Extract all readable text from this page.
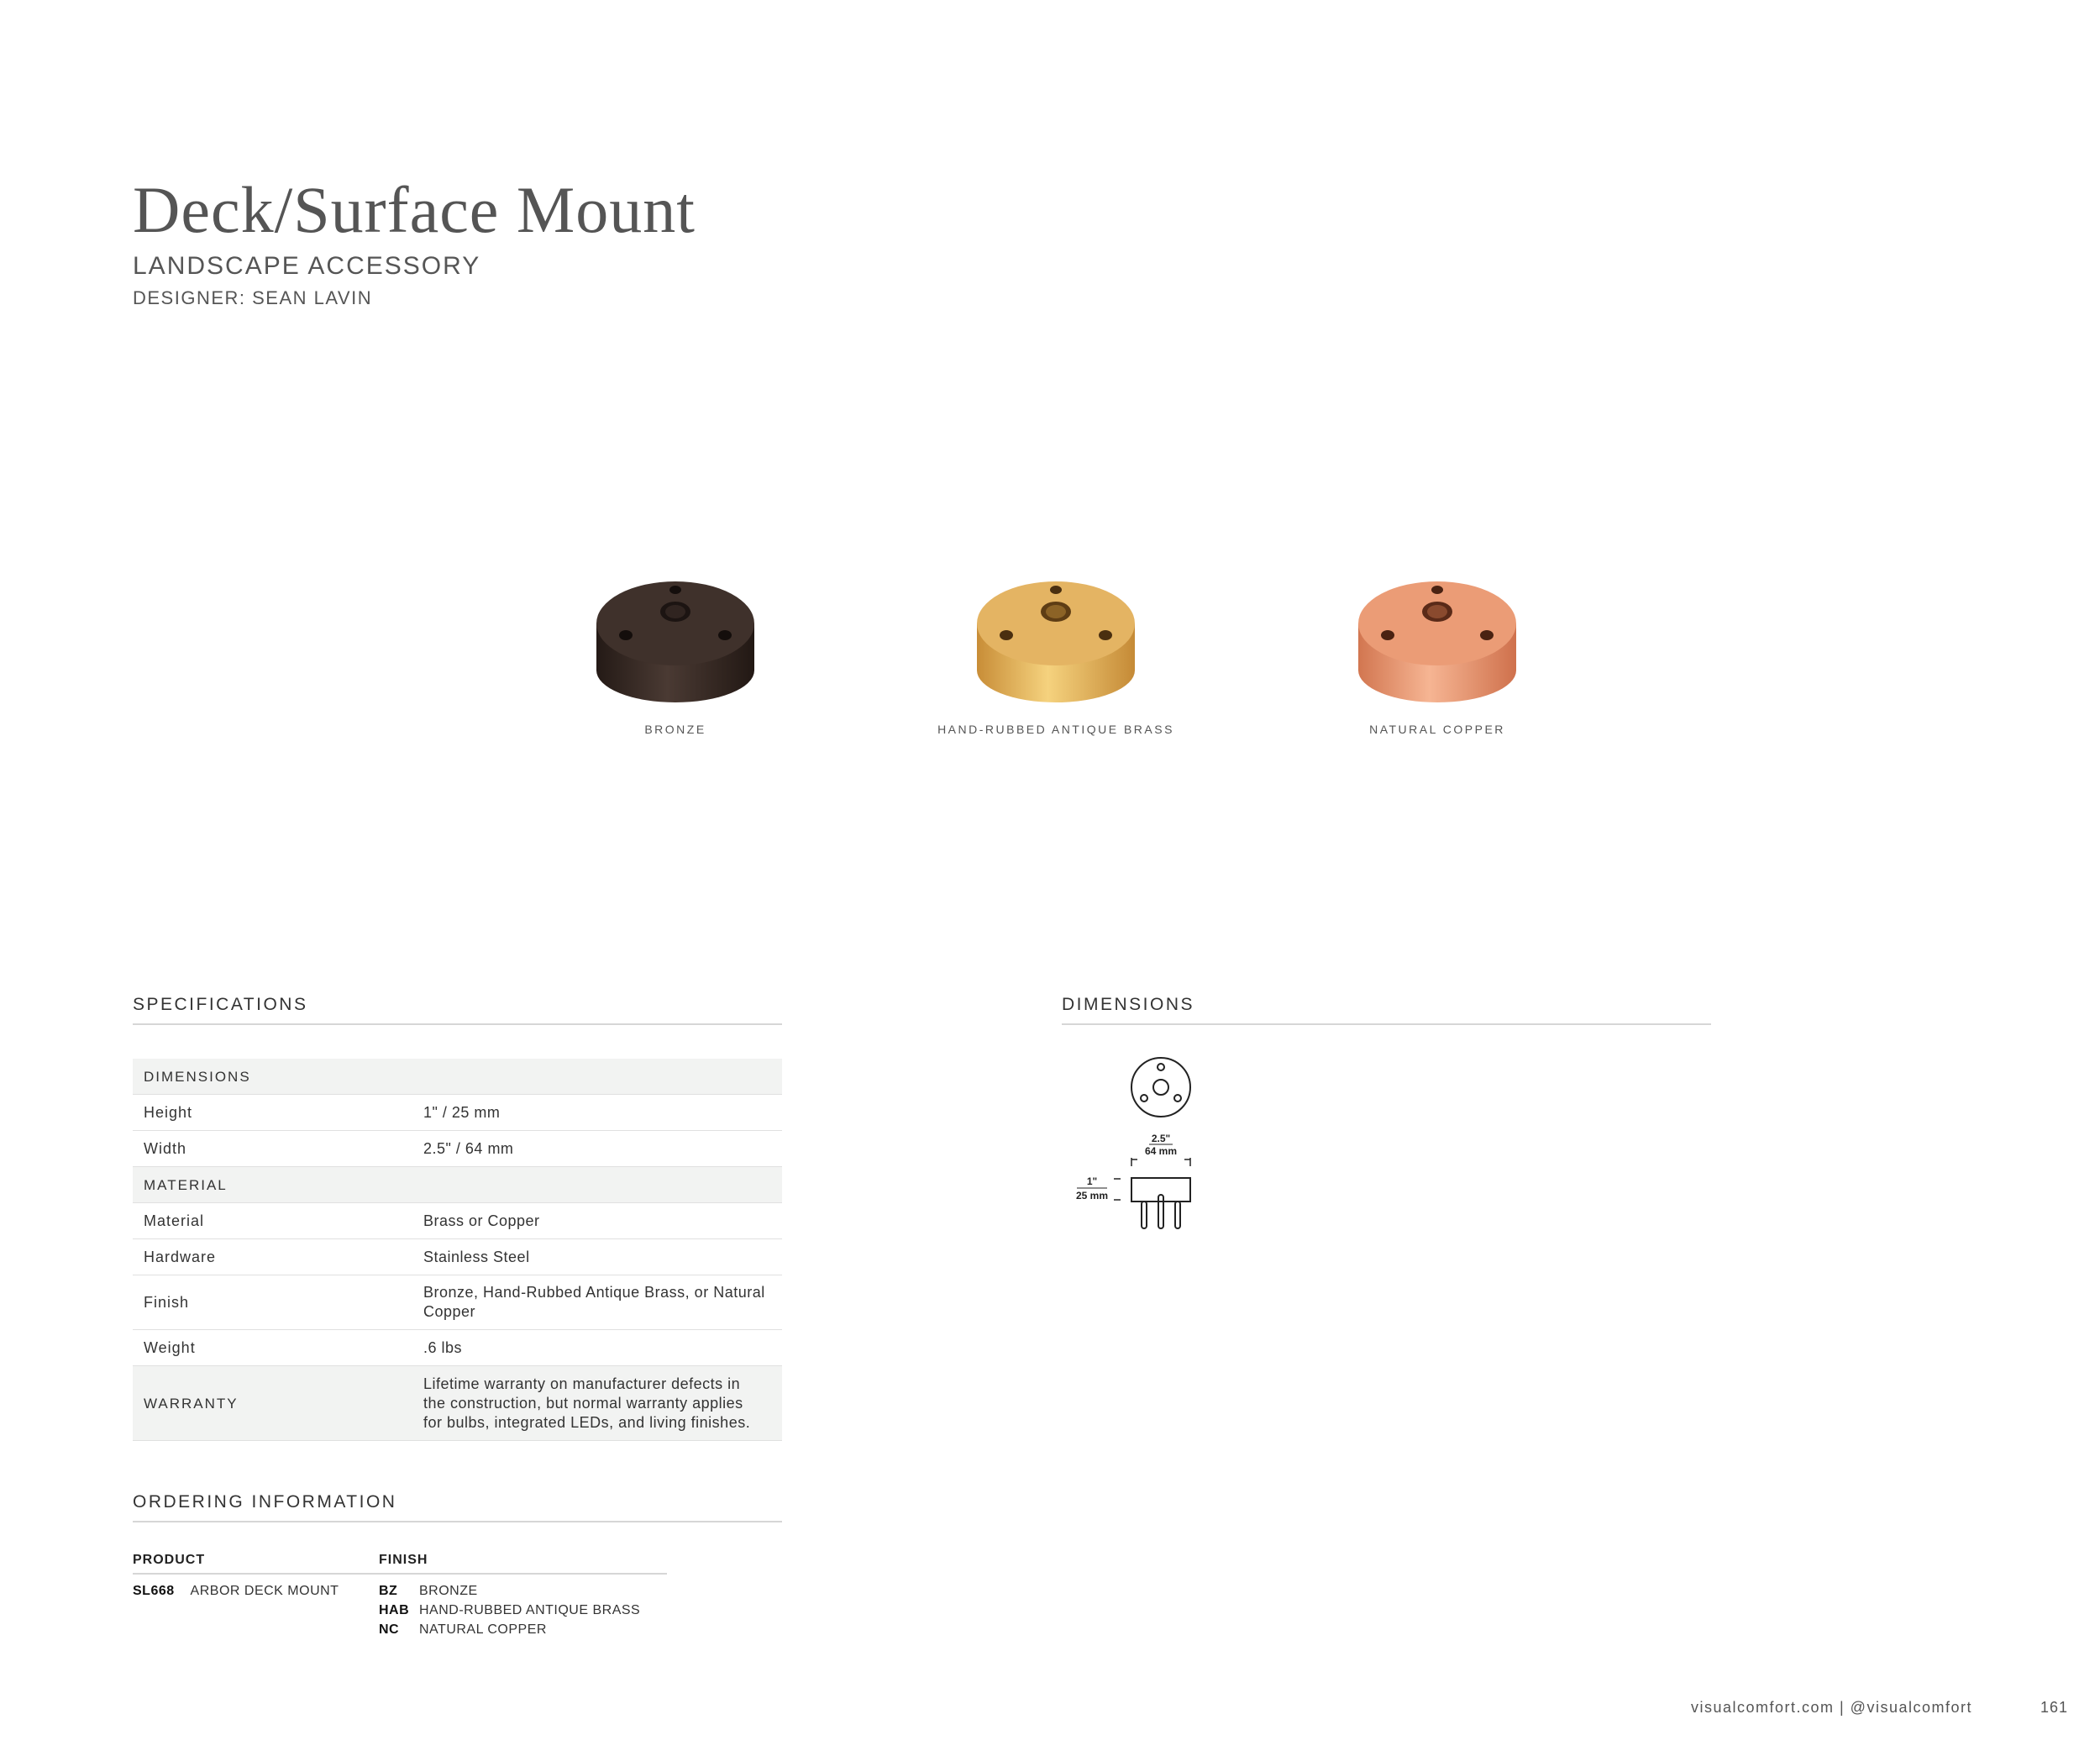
Deck/Surface Mount
LANDSCAPE ACCESSORY
DESIGNER: SEAN LAVIN
BRONZE	HAND-RUBBED ANTIQUE BRASS	NATURAL COPPER
SPECIFICATIONS
DIMENSIONS	
Height	1" / 25 mm
Width	2.5" / 64 mm
MATERIAL	
Material	Brass or Copper
Hardware	Stainless Steel
Finish	Bronze, Hand-Rubbed Antique Brass, or Natural Copper
Weight	.6 lbs
WARRANTY	Lifetime warranty on manufacturer defects in the construction, but normal warranty applies for bulbs, integrated LEDs, and living finishes.
DIMENSIONS
2.5"
64 mm
1"
25 mm
ORDERING INFORMATION
PRODUCT	FINISH
SL668 ARBOR DECK MOUNT	BZ BRONZE
HAB HAND-RUBBED ANTIQUE BRASS
NC NATURAL COPPER
visualcomfort.com | @visualcomfort	161
